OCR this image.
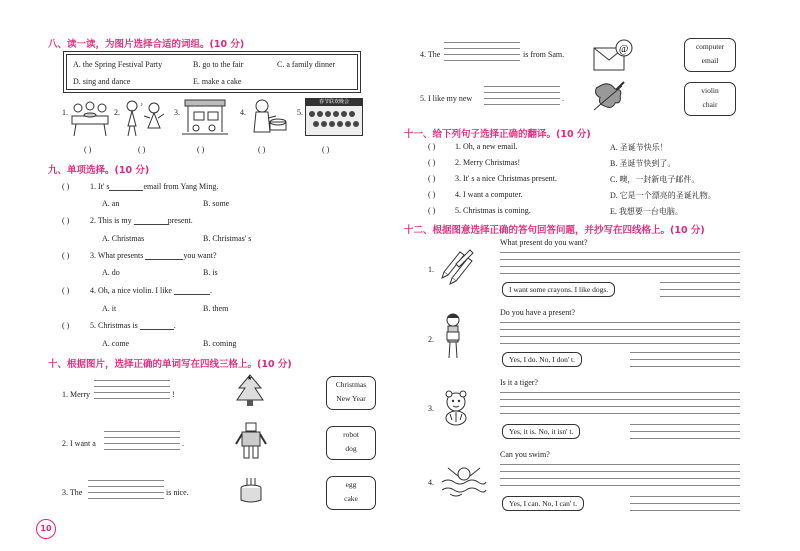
八、读一读，为图片选择合适的词组。(10 分)
A. the Spring Festival Party	B. go to the fair	C. a family dinner
D. sing and dance	E. make a cake
1.	2.
♪
3.	4.	5.
春节联欢晚会
( )	( )	( )	( )	( )
九、单项选择。(10 分)
( )	1. It' s	email from Yang Ming.
A. an	B. some
( )	2. This is my	present.
A. Christmas	B. Christmas' s
( )	3. What presents	you want?
A. do	B. is
( )	4. Oh, a nice violin. I like	.
A. it	B. them
( )	5. Christmas is	.
A. come	B. coming
十、根据图片，选择正确的单词写在四线三格上。(10 分)
1. Merry	!
★
Christmas
New Year
2. I want a	.
robot
dog
3. The	is nice.
egg
cake
10
4. The	is from Sam.	@	computer
email
5. I like my new	.
violin
chair
十一、给下列句子选择正确的翻译。(10 分)
( ) 1. Oh, a new email.	A. 圣诞节快乐！
( ) 2. Merry Christmas!	B. 圣诞节快到了。
( ) 3. It' s a nice Christmas present.	C. 噢，一封新电子邮件。
( ) 4. I want a computer.	D. 它是一个漂亮的圣诞礼物。
( ) 5. Christmas is coming.	E. 我想要一台电脑。
十二、根据图意选择正确的答句回答问题，并抄写在四线格上。(10 分)
1.
What present do you want?
I want some crayons. I like dogs.
2.
Do you have a present?
Yes, I do. No, I don' t.
3.
Is it a tiger?
Yes, it is. No, it isn' t.
4.
Can you swim?
Yes, I can. No, I can' t.
